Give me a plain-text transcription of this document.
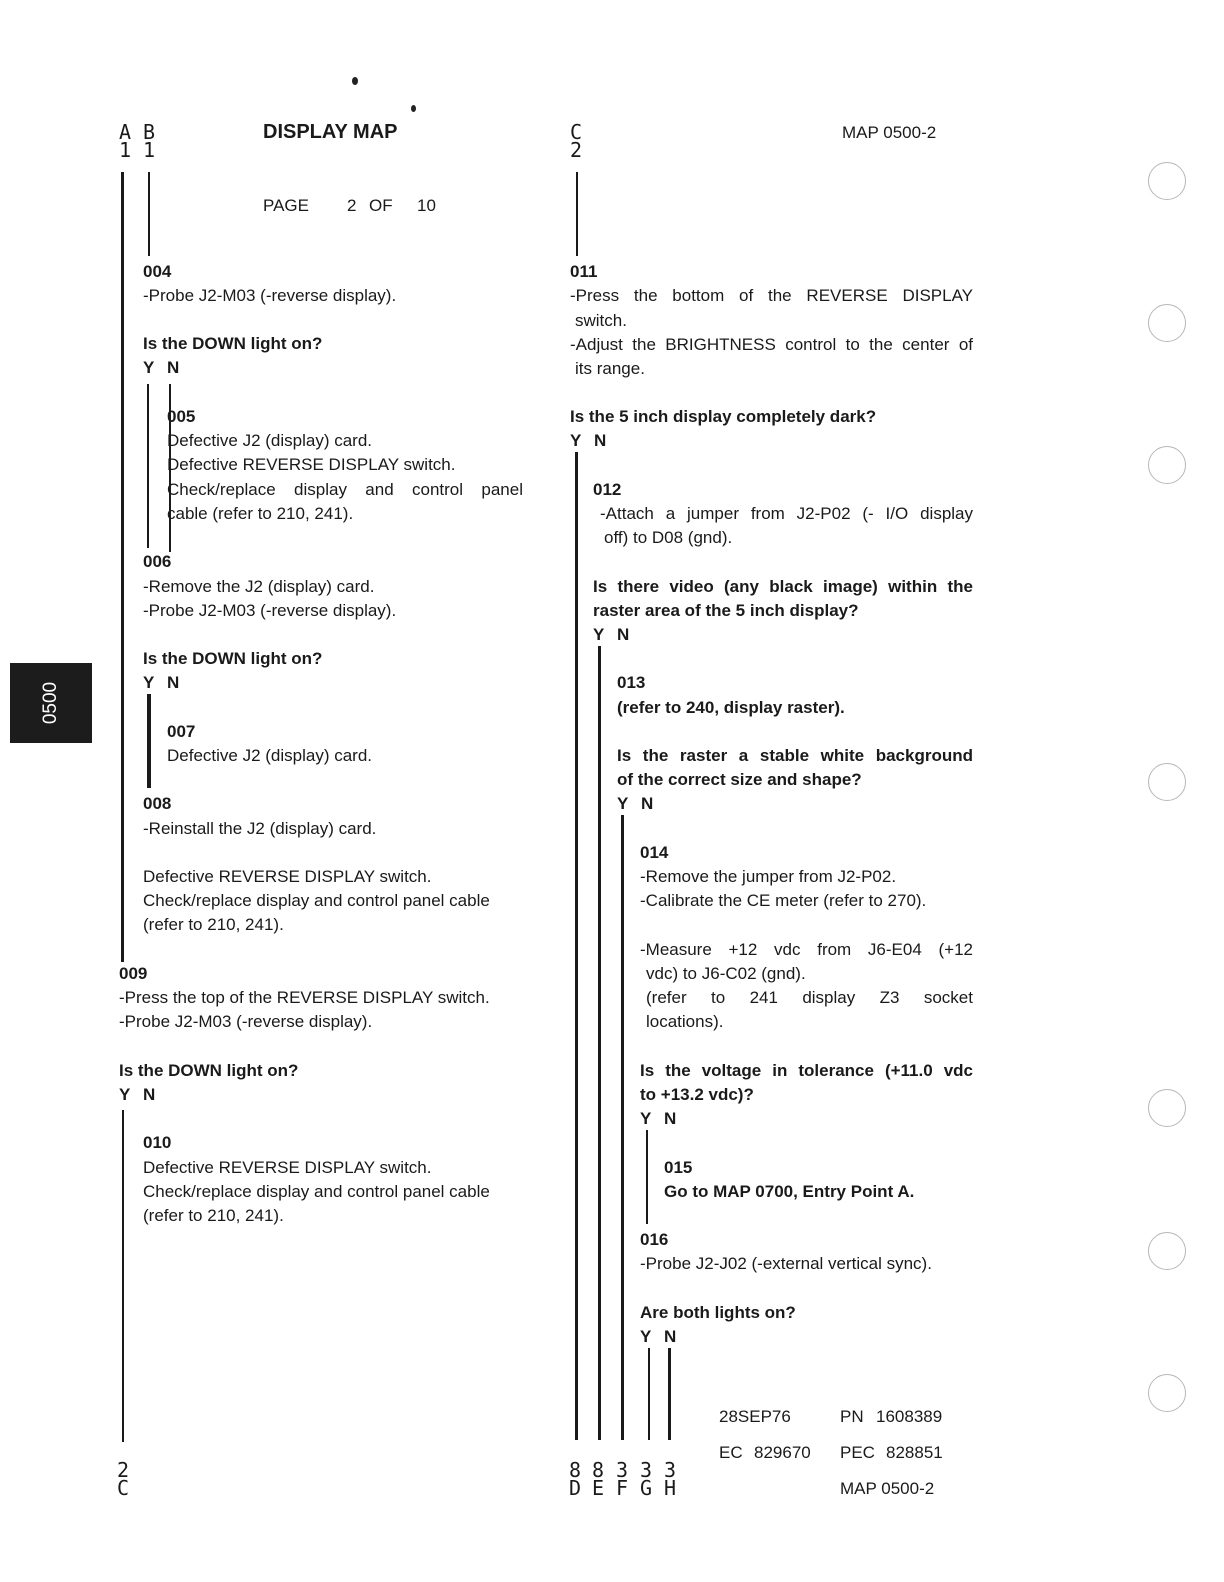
0500
A
1
B
1
DISPLAY MAP	C
2
MAP 0500-2
PAGE 2 OF 10
004
-Probe J2-M03 (-reverse display).
Is the DOWN light on?
Y N
005
Defective J2 (display) card.
Defective REVERSE DISPLAY switch.
Check/replace display and control panel
cable (refer to 210, 241).
006
-Remove the J2 (display) card.
-Probe J2-M03 (-reverse display).
Is the DOWN light on?
Y N
007
Defective J2 (display) card.
008
-Reinstall the J2 (display) card.
Defective REVERSE DISPLAY switch.
Check/replace display and control panel cable
(refer to 210, 241).
009
-Press the top of the REVERSE DISPLAY switch.
-Probe J2-M03 (-reverse display).
Is the DOWN light on?
Y N
010
Defective REVERSE DISPLAY switch.
Check/replace display and control panel cable
(refer to 210, 241).
011
-Press the bottom of the REVERSE DISPLAY
switch.
-Adjust the BRIGHTNESS control to the center of
its range.
Is the 5 inch display completely dark?
Y N
012
-Attach a jumper from J2-P02 (- I/O display
off) to D08 (gnd).
Is there video (any black image) within the
raster area of the 5 inch display?
Y N
013
(refer to 240, display raster).
Is the raster a stable white background
of the correct size and shape?
Y N
014
-Remove the jumper from J2-P02.
-Calibrate the CE meter (refer to 270).
-Measure +12 vdc from J6-E04 (+12
vdc) to J6-C02 (gnd).
(refer to 241 display Z3 socket
locations).
Is the voltage in tolerance (+11.0 vdc
to +13.2 vdc)?
Y N
015
Go to MAP 0700, Entry Point A.
016
-Probe J2-J02 (-external vertical sync).
Are both lights on?
Y N
2
C
8
D
8
E
3
F
3
G
3
H
28SEP76	PN 1608389
EC 829670 PEC 828851
MAP 0500-2
